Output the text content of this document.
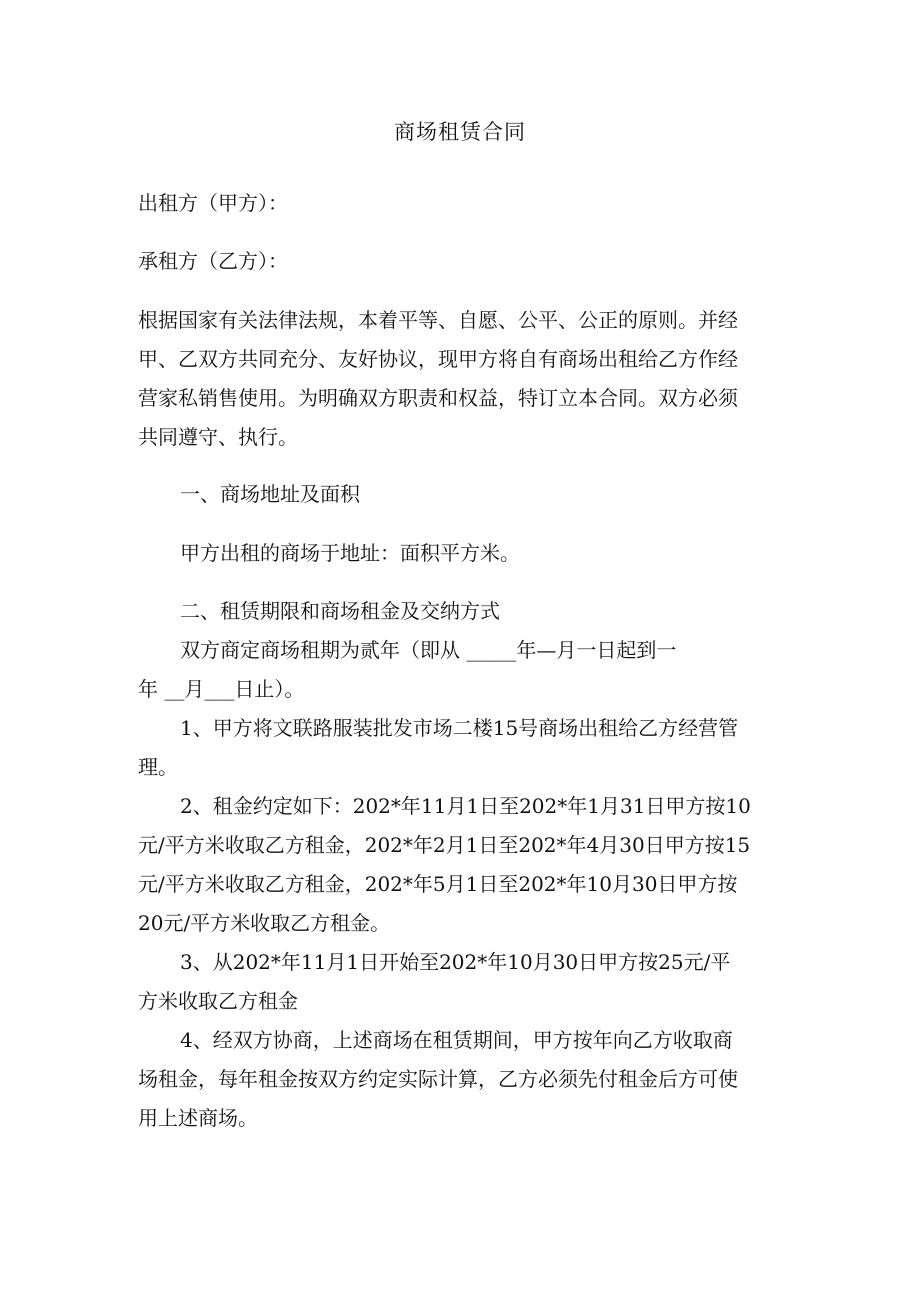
商场租赁合同
出租方（甲方）：
承租方（乙方）：
根据国家有关法律法规，本着平等、自愿、公平、公正的原则。并经
甲、乙双方共同充分、友好协议，现甲方将自有商场出租给乙方作经
营家私销售使用。为明确双方职责和权益，特订立本合同。双方必须
共同遵守、执行。
一、商场地址及面积
甲方出租的商场于地址：面积平方米。
二、租赁期限和商场租金及交纳方式
双方商定商场租期为贰年（即从 _____年—月一日起到一
年 __月___日止）。
1、甲方将文联路服装批发市场二楼15号商场出租给乙方经营管
理。
2、租金约定如下：202*年11月1日至202*年1月31日甲方按10
元/平方米收取乙方租金，202*年2月1日至202*年4月30日甲方按15
元/平方米收取乙方租金，202*年5月1日至202*年10月30日甲方按
20元/平方米收取乙方租金。
3、从202*年11月1日开始至202*年10月30日甲方按25元/平
方米收取乙方租金
4、经双方协商，上述商场在租赁期间，甲方按年向乙方收取商
场租金，每年租金按双方约定实际计算，乙方必须先付租金后方可使
用上述商场。
